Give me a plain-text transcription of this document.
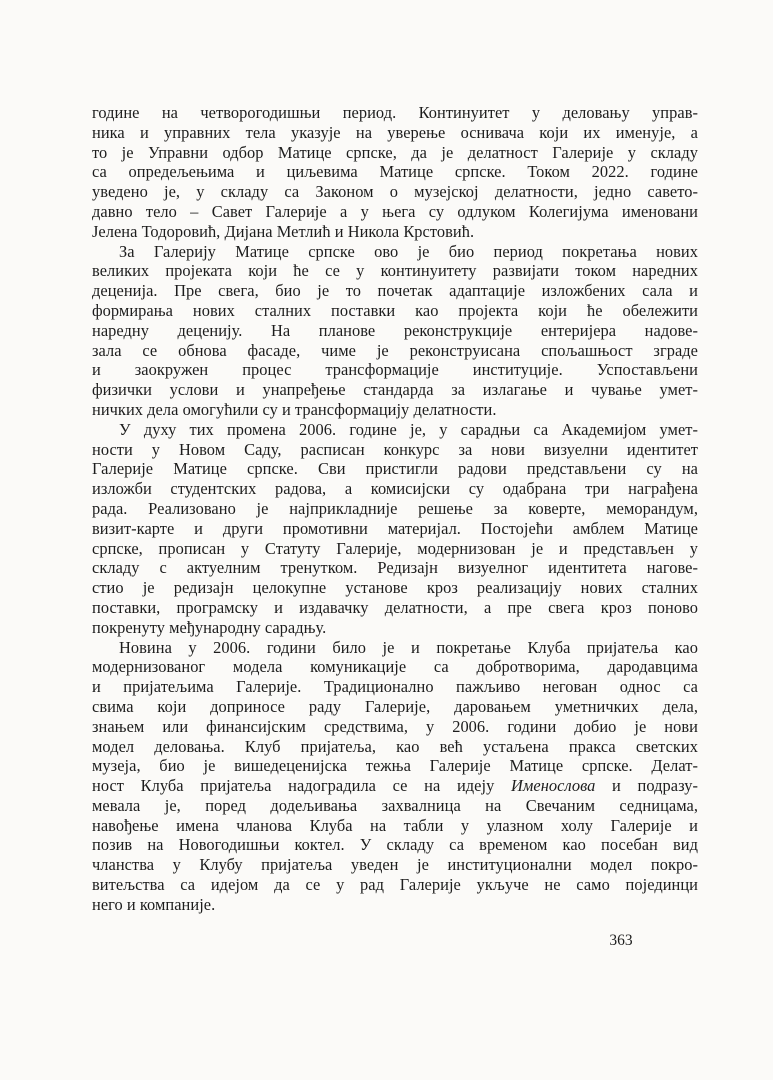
године на четворогодишњи период. Континуитет у деловању управ-
ника и управних тела указује на уверење оснивача који их именује, а
то је Управни одбор Матице српске, да је делатност Галерије у складу
са опредељењима и циљевима Матице српске. Током 2022. године
уведено је, у складу са Законом о музејској делатности, једно савето-
давно тело – Савет Галерије а у њега су одлуком Колегијума именовани
Јелена Тодоровић, Дијана Метлић и Никола Крстовић.
За Галерију Матице српске ово је био период покретања нових
великих пројеката који ће се у континуитету развијати током наредних
деценија. Пре свега, био је то почетак адаптације изложбених сала и
формирања нових сталних поставки као пројекта који ће обележити
наредну деценију. На планове реконструкције ентеријера надове-
зала се обнова фасаде, чиме је реконструисана спољашњост зграде
и заокружен процес трансформације институције. Успостављени
физички услови и унапређење стандарда за излагање и чување умет-
ничких дела омогућили су и трансформацију делатности.
У духу тих промена 2006. године је, у сарадњи са Академијом умет-
ности у Новом Саду, расписан конкурс за нови визуелни идентитет
Галерије Матице српске. Сви пристигли радови представљени су на
изложби студентских радова, а комисијски су одабрана три награђена
рада. Реализовано је најприкладније решење за коверте, меморандум,
визит-карте и други промотивни материјал. Постојећи амблем Матице
српске, прописан у Статуту Галерије, модернизован је и представљен у
складу с актуелним тренутком. Редизајн визуелног идентитета нагове-
стио је редизајн целокупне установе кроз реализацију нових сталних
поставки, програмску и издавачку делатности, а пре свега кроз поново
покренуту међународну сарадњу.
Новина у 2006. години било је и покретање Клуба пријатеља као
модернизованог модела комуникације са добротворима, дародавцима
и пријатељима Галерије. Традиционално пажљиво негован однос са
свима који доприносе раду Галерије, даровањем уметничких дела,
знањем или финансијским средствима, у 2006. години добио је нови
модел деловања. Клуб пријатеља, као већ устаљена пракса светских
музеја, био је вишедеценијска тежња Галерије Матице српске. Делат-
ност Клуба пријатеља надоградила се на идеју Именослова и подразу-
мевала је, поред додељивања захвалница на Свечаним седницама,
навођење имена чланова Клуба на табли у улазном холу Галерије и
позив на Новогодишњи коктел. У складу са временом као посебан вид
чланства у Клубу пријатеља уведен је институционални модел покро-
витељства са идејом да се у рад Галерије укључе не само појединци
него и компаније.
363
